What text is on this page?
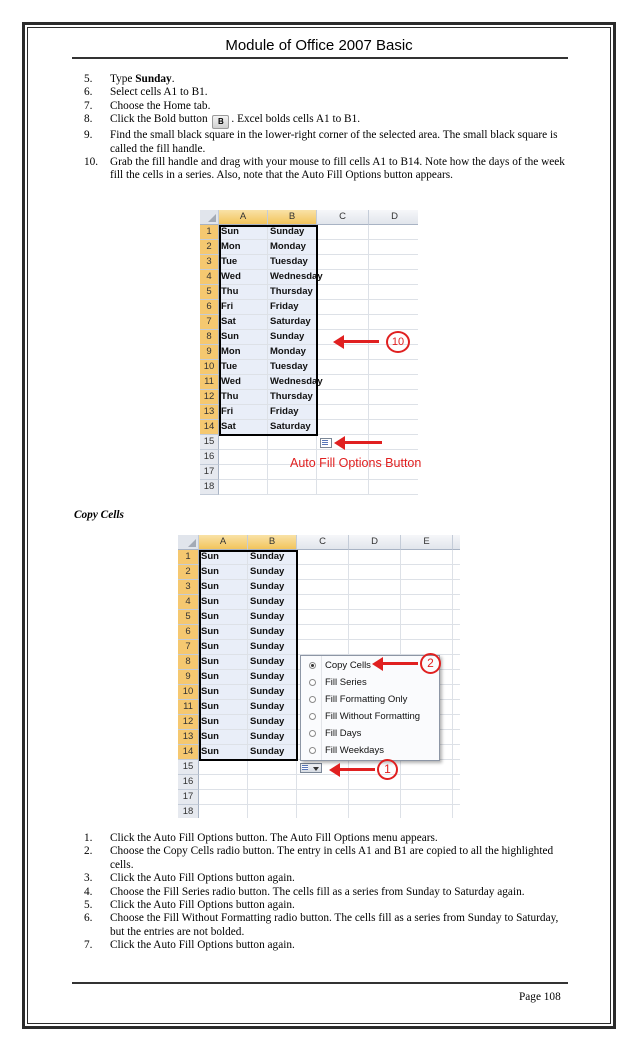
Module of Office 2007 Basic
5. Type Sunday.
6. Select cells A1 to B1.
7. Choose the Home tab.
8. Click the Bold button B . Excel bolds cells A1 to B1.
9. Find the small black square in the lower-right corner of the selected area. The small black square is called the fill handle.
10. Grab the fill handle and drag with your mouse to fill cells A1 to B14. Note how the days of the week fill the cells in a series. Also, note that the Auto Fill Options button appears.
A	B	C	D
1 Sun	Sunday
2 Mon	Monday
3 Tue	Tuesday
4 Wed	Wednesday
5 Thu	Thursday
6 Fri	Friday
7 Sat	Saturday
8 Sun	Sunday
9 Mon	Monday
10 Tue	Tuesday
11 Wed	Wednesday
12 Thu	Thursday
13 Fri	Friday
14 Sat	Saturday
15
16
17
18
10
Auto Fill Options Button
Copy Cells
A	B	C	D	E
1	Sun	Sunday
2	Sun	Sunday
3	Sun	Sunday
4	Sun	Sunday
5	Sun	Sunday
6	Sun	Sunday
7	Sun	Sunday
8	Sun	Sunday
9	Sun	Sunday
10 Sun	Sunday
11 Sun	Sunday
12 Sun	Sunday
13 Sun	Sunday
14 Sun	Sunday
15
16
17
18
Copy Cells
Fill Series
Fill Formatting Only
Fill Without Formatting
Fill Days
Fill Weekdays
2
1
1. Click the Auto Fill Options button. The Auto Fill Options menu appears.
2. Choose the Copy Cells radio button. The entry in cells A1 and B1 are copied to all the highlighted cells.
3. Click the Auto Fill Options button again.
4. Choose the Fill Series radio button. The cells fill as a series from Sunday to Saturday again.
5. Click the Auto Fill Options button again.
6. Choose the Fill Without Formatting radio button. The cells fill as a series from Sunday to Saturday, but the entries are not bolded.
7. Click the Auto Fill Options button again.
Page 108
